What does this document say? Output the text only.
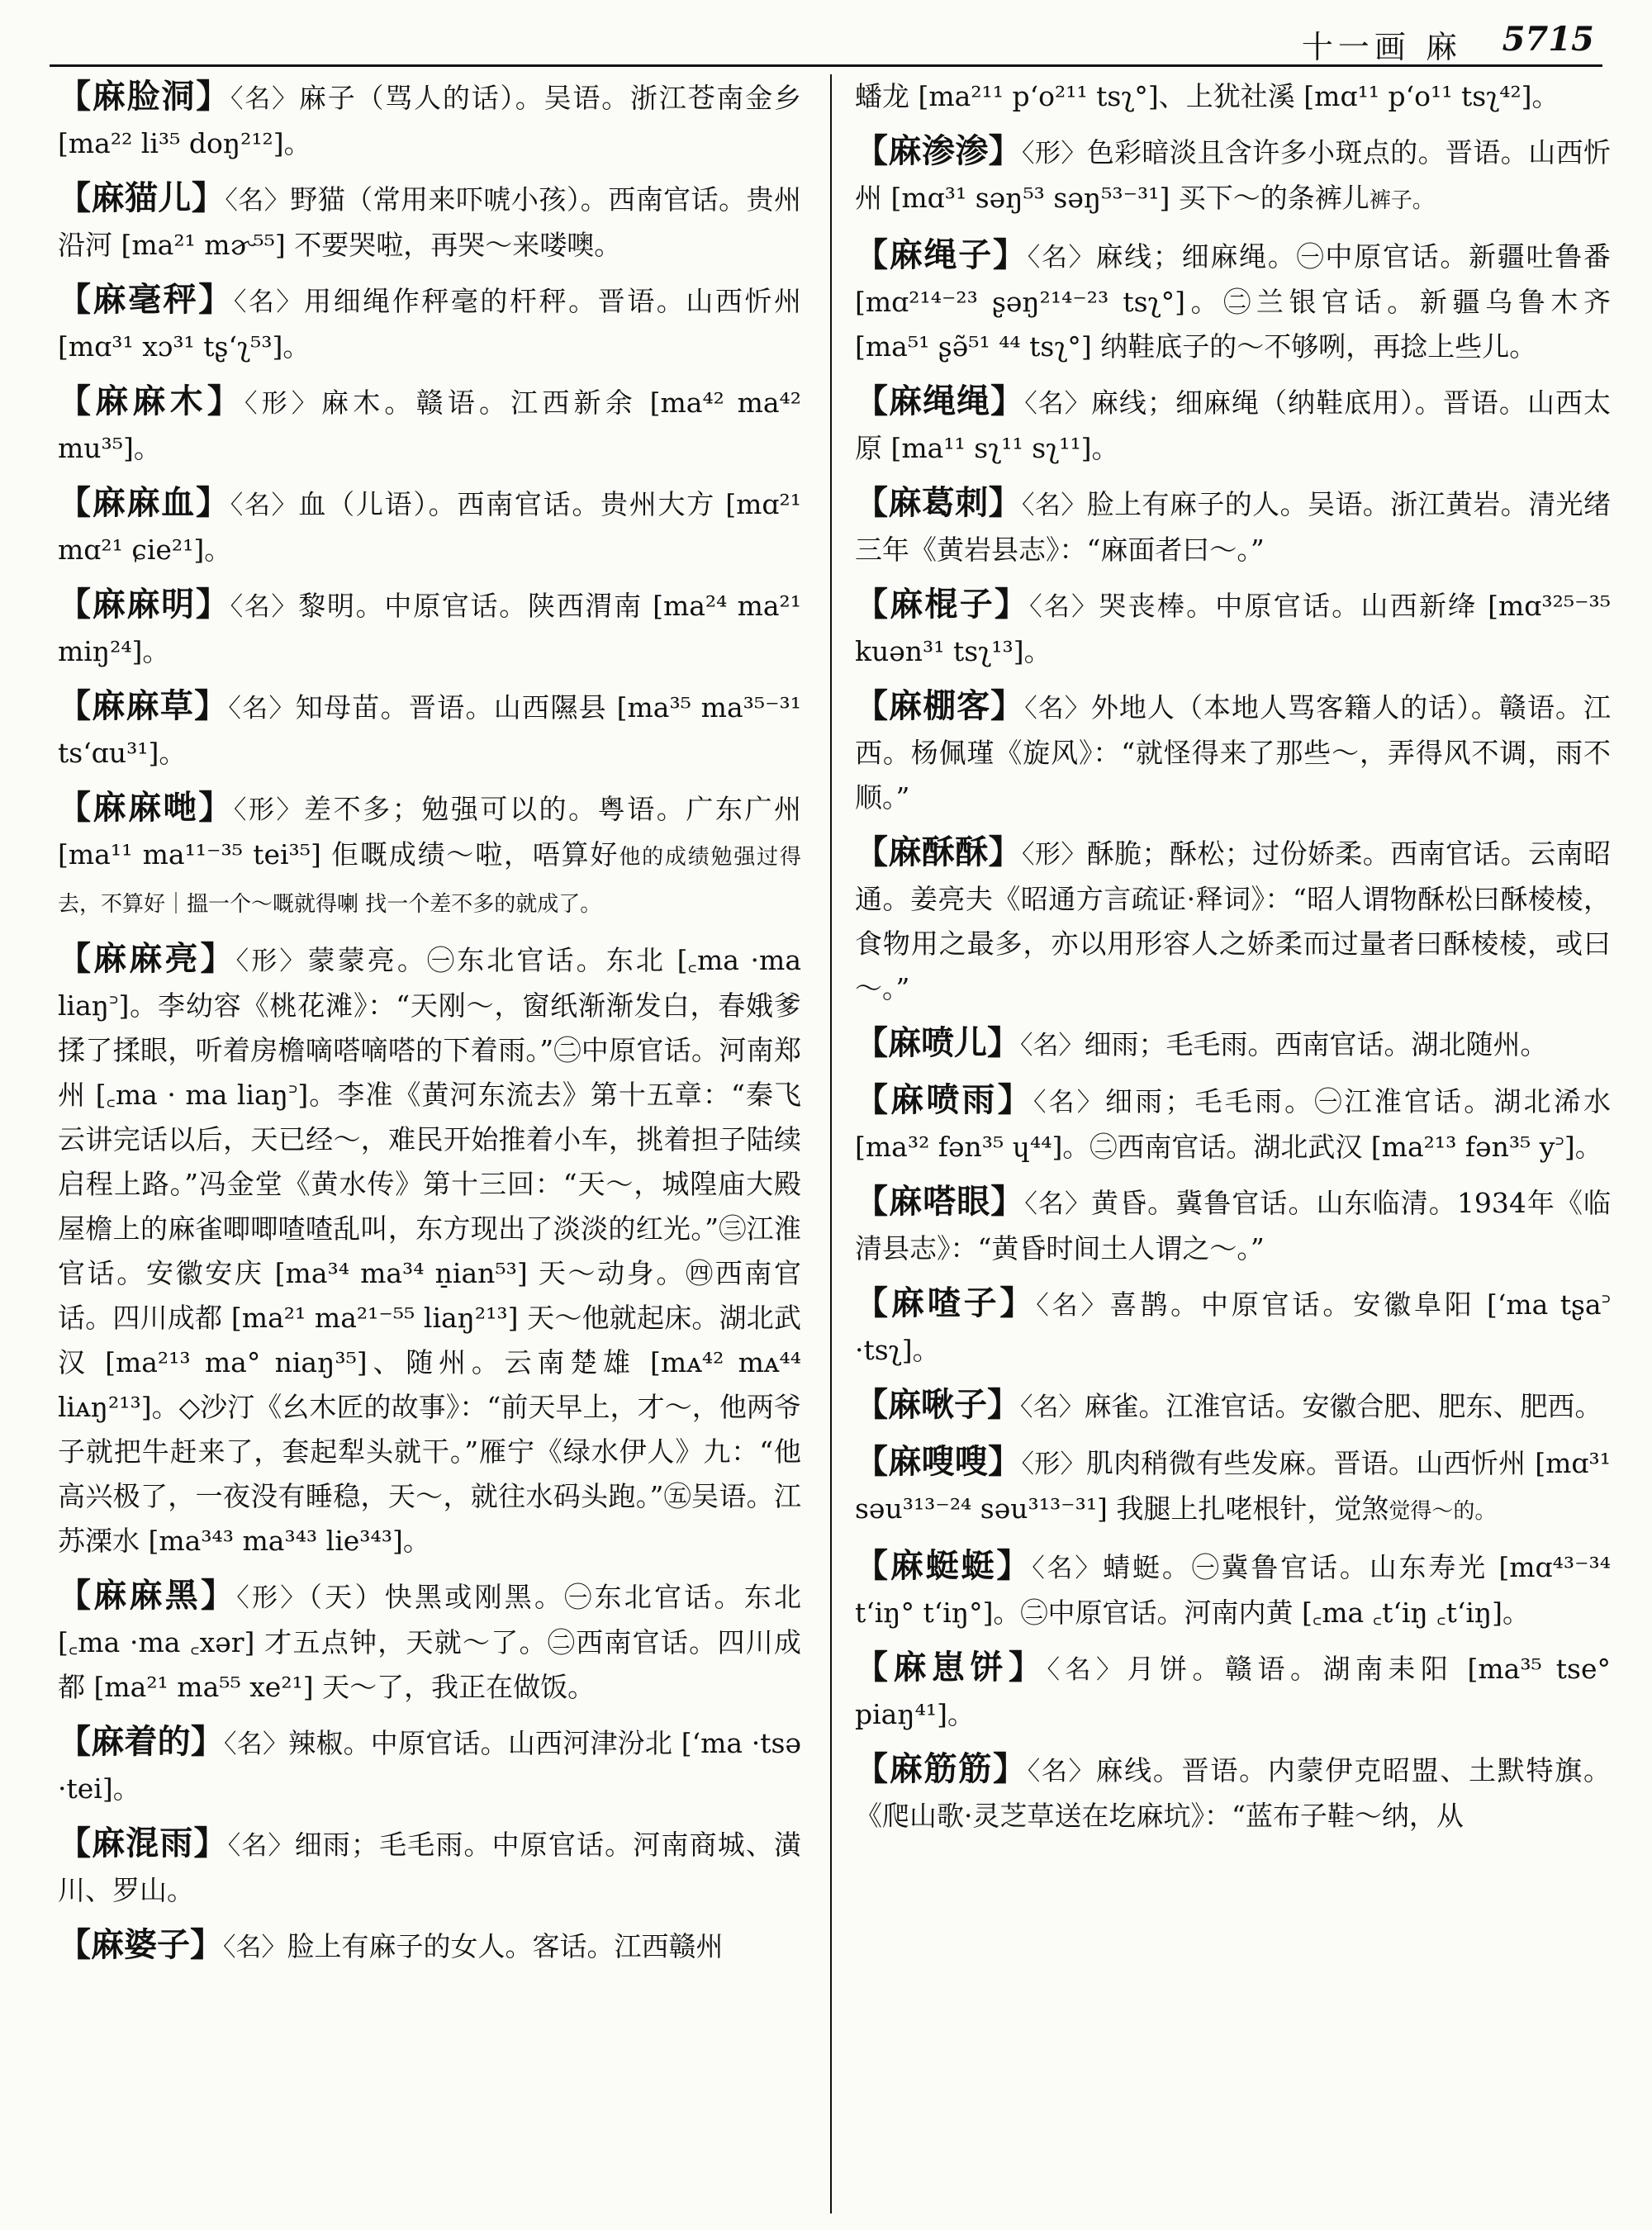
十一画 麻 5715

【麻脸洞】〈名〉麻子（骂人的话）。吴语。浙江苍南金乡 [ma²² li³⁵ doŋ²¹²]。

【麻猫儿】〈名〉野猫（常用来吓唬小孩）。西南官话。贵州沿河 [ma²¹ mɚ⁵⁵] 不要哭啦，再哭～来喽噢。

【麻毫秤】〈名〉用细绳作秤毫的杆秤。晋语。山西忻州 [mɑ³¹ xɔ³¹ tʂʻʅ⁵³]。

【麻麻木】〈形〉麻木。赣语。江西新余 [ma⁴² ma⁴² mu³⁵]。

【麻麻血】〈名〉血（儿语）。西南官话。贵州大方 [mɑ²¹ mɑ²¹ ɕie²¹]。

【麻麻明】〈名〉黎明。中原官话。陕西渭南 [ma²⁴ ma²¹ miŋ²⁴]。

【麻麻草】〈名〉知母苗。晋语。山西隰县 [ma³⁵ ma³⁵⁻³¹ tsʻɑu³¹]。

【麻麻哋】〈形〉差不多；勉强可以的。粤语。广东广州 [ma¹¹ ma¹¹⁻³⁵ tei³⁵] 佢嘅成绩～啦，唔算好他的成绩勉强过得去，不算好｜搵一个～嘅就得喇 找一个差不多的就成了。

【麻麻亮】〈形〉蒙蒙亮。㊀东北官话。东北 [꜀ma ·ma liaŋ꜄]。李幼容《桃花滩》：“天刚～，窗纸渐渐发白，春娥爹揉了揉眼，听着房檐嘀嗒嘀嗒的下着雨。”㊁中原官话。河南郑州 [꜀ma · ma liaŋ꜄]。李准《黄河东流去》第十五章：“秦飞云讲完话以后，天已经～，难民开始推着小车，挑着担子陆续启程上路。”冯金堂《黄水传》第十三回：“天～，城隍庙大殿屋檐上的麻雀唧唧喳喳乱叫，东方现出了淡淡的红光。”㊂江淮官话。安徽安庆 [ma³⁴ ma³⁴ n̠ian⁵³] 天～动身。㊃西南官话。四川成都 [ma²¹ ma²¹⁻⁵⁵ liaŋ²¹³] 天～他就起床。湖北武汉 [ma²¹³ ma° niaŋ³⁵]、随州。云南楚雄 [mᴀ⁴² mᴀ⁴⁴ liᴀŋ²¹³]。◇沙汀《幺木匠的故事》：“前天早上，才～，他两爷子就把牛赶来了，套起犁头就干。”雁宁《绿水伊人》九：“他高兴极了，一夜没有睡稳，天～，就往水码头跑。”㊄吴语。江苏溧水 [ma³⁴³ ma³⁴³ lie³⁴³]。

【麻麻黑】〈形〉（天）快黑或刚黑。㊀东北官话。东北 [꜀ma ·ma ꜀xər] 才五点钟，天就～了。㊁西南官话。四川成都 [ma²¹ ma⁵⁵ xe²¹] 天～了，我正在做饭。

【麻着的】〈名〉辣椒。中原官话。山西河津汾北 [ʻma ·tsə ·tei]。

【麻混雨】〈名〉细雨；毛毛雨。中原官话。河南商城、潢川、罗山。

【麻婆子】〈名〉脸上有麻子的女人。客话。江西赣州

蟠龙 [ma²¹¹ pʻo²¹¹ tsʅ°]、上犹社溪 [mɑ¹¹ pʻo¹¹ tsʅ⁴²]。

【麻渗渗】〈形〉色彩暗淡且含许多小斑点的。晋语。山西忻州 [mɑ³¹ səŋ⁵³ səŋ⁵³⁻³¹] 买下～的条裤儿裤子。

【麻绳子】〈名〉麻线；细麻绳。㊀中原官话。新疆吐鲁番 [mɑ²¹⁴⁻²³ ʂəŋ²¹⁴⁻²³ tsʅ°]。㊁兰银官话。新疆乌鲁木齐 [ma⁵¹ ʂə̃⁵¹ ⁴⁴ tsʅ°] 纳鞋底子的～不够咧，再捻上些儿。

【麻绳绳】〈名〉麻线；细麻绳（纳鞋底用）。晋语。山西太原 [ma¹¹ sʅ¹¹ sʅ¹¹]。

【麻葛刺】〈名〉脸上有麻子的人。吴语。浙江黄岩。清光绪三年《黄岩县志》：“麻面者曰～。”

【麻棍子】〈名〉哭丧棒。中原官话。山西新绛 [mɑ³²⁵⁻³⁵ kuən³¹ tsʅ¹³]。

【麻棚客】〈名〉外地人（本地人骂客籍人的话）。赣语。江西。杨佩瑾《旋风》：“就怪得来了那些～，弄得风不调，雨不顺。”

【麻酥酥】〈形〉酥脆；酥松；过份娇柔。西南官话。云南昭通。姜亮夫《昭通方言疏证·释词》：“昭人谓物酥松曰酥棱棱，食物用之最多，亦以用形容人之娇柔而过量者曰酥棱棱，或曰～。”

【麻喷儿】〈名〉细雨；毛毛雨。西南官话。湖北随州。

【麻喷雨】〈名〉细雨；毛毛雨。㊀江淮官话。湖北浠水 [ma³² fən³⁵ ɥ⁴⁴]。㊁西南官话。湖北武汉 [ma²¹³ fən³⁵ y꜄]。

【麻嗒眼】〈名〉黄昏。冀鲁官话。山东临清。1934年《临清县志》：“黄昏时间土人谓之～。”

【麻喳子】〈名〉喜鹊。中原官话。安徽阜阳 [ʻma tʂa꜄ ·tsʅ]。

【麻啾子】〈名〉麻雀。江淮官话。安徽合肥、肥东、肥西。

【麻嗖嗖】〈形〉肌肉稍微有些发麻。晋语。山西忻州 [mɑ³¹ səu³¹³⁻²⁴ səu³¹³⁻³¹] 我腿上扎咾根针，觉煞觉得～的。

【麻蜓蜓】〈名〉蜻蜓。㊀冀鲁官话。山东寿光 [mɑ⁴³⁻³⁴ tʻiŋ° tʻiŋ°]。㊁中原官话。河南内黄 [꜀ma ꜀tʻiŋ ꜀tʻiŋ]。

【麻崽饼】〈名〉月饼。赣语。湖南耒阳 [ma³⁵ tse° piaŋ⁴¹]。

【麻筋筋】〈名〉麻线。晋语。内蒙伊克昭盟、土默特旗。《爬山歌·灵芝草送在圪麻坑》：“蓝布子鞋～纳，从
